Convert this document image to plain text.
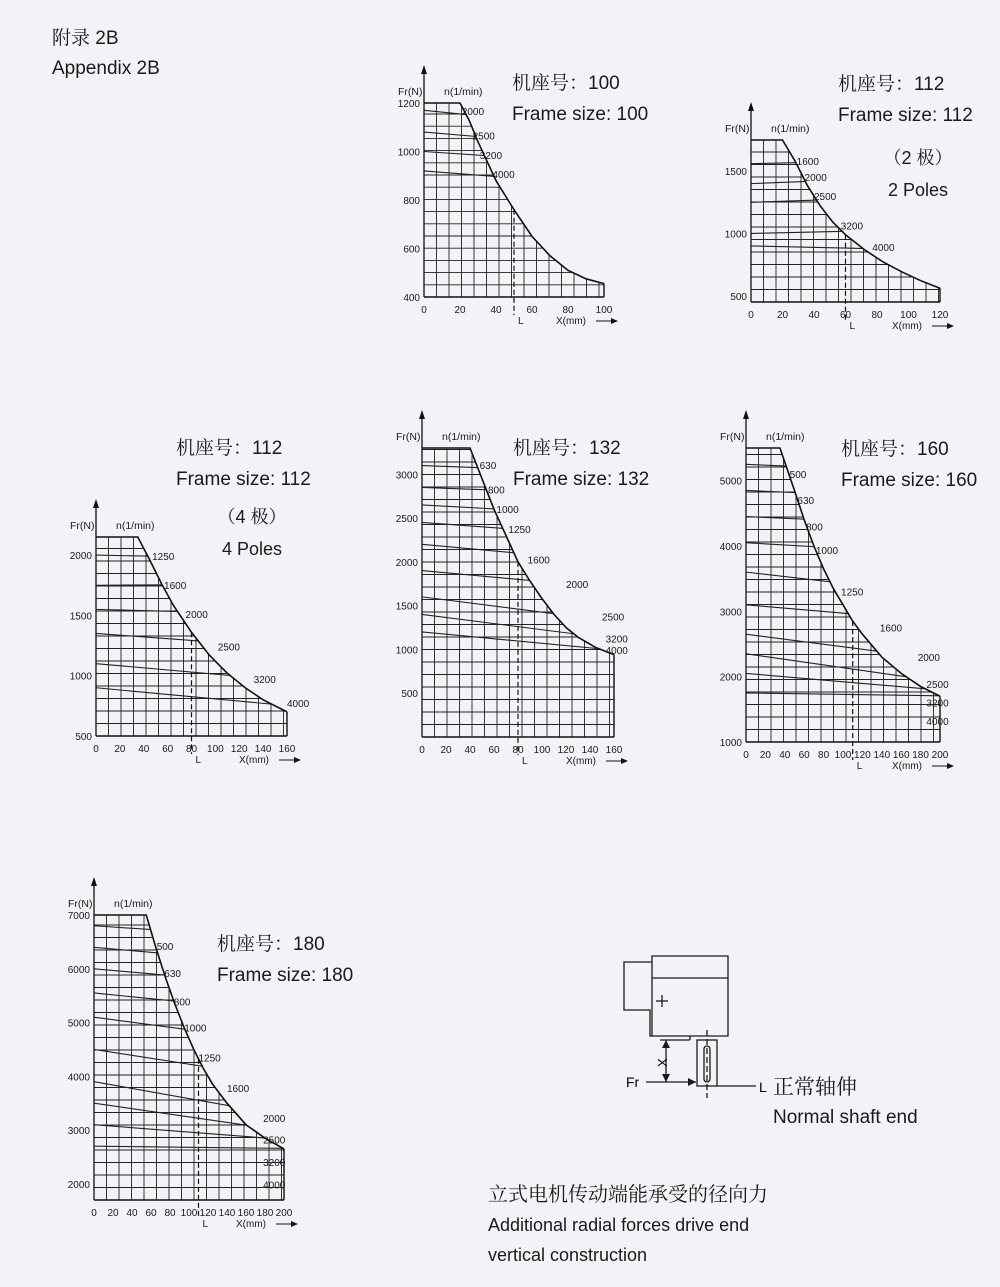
附录 2B
Appendix 2B
2000
2500
3200
4000
L
0	20 40 60 80 100
400
600
800
1000
1200
Fr(N) n(1/min)
X(mm)
机座号：100
Frame size: 100
1600
2000
2500
3200
4000
L
0 20 40 60 80 100 120
500
1000
1500
Fr(N) n(1/min)
X(mm)
机座号：112
Frame size: 112
（2 极）
2 Poles
1250
1600
2000
2500
3200
4000
L
0 20 40 60 80 100 120 140 160
500
1000
1500
2000
Fr(N) n(1/min)
X(mm)
机座号：112
Frame size: 112
（4 极）
4 Poles
630
800
1000
1250
1600
2000
2500
3200
4000
L
0 20 40 60 80 100 120 140 160
500
1000
1500
2000
2500
3000
Fr(N) n(1/min)
X(mm)
机座号：132
Frame size: 132	500
630
800
1000
1250
1600
2000
2500
3200
4000
L
0 20 40 60 80 100 120 140 160 180 200
1000
2000
3000
4000
5000
Fr(N) n(1/min)
X(mm)
机座号：160
Frame size: 160
500
630
800
1000
1250
1600
2000
2500
3200
4000
L
0 20 40 60 80 100 120 140 160 180 200
2000
3000
4000
5000
6000
7000
Fr(N) n(1/min)
X(mm)
机座号：180
Frame size: 180
Fr
X
L 正常轴伸
Normal shaft end
立式电机传动端能承受的径向力
Additional radial forces drive end
vertical construction
